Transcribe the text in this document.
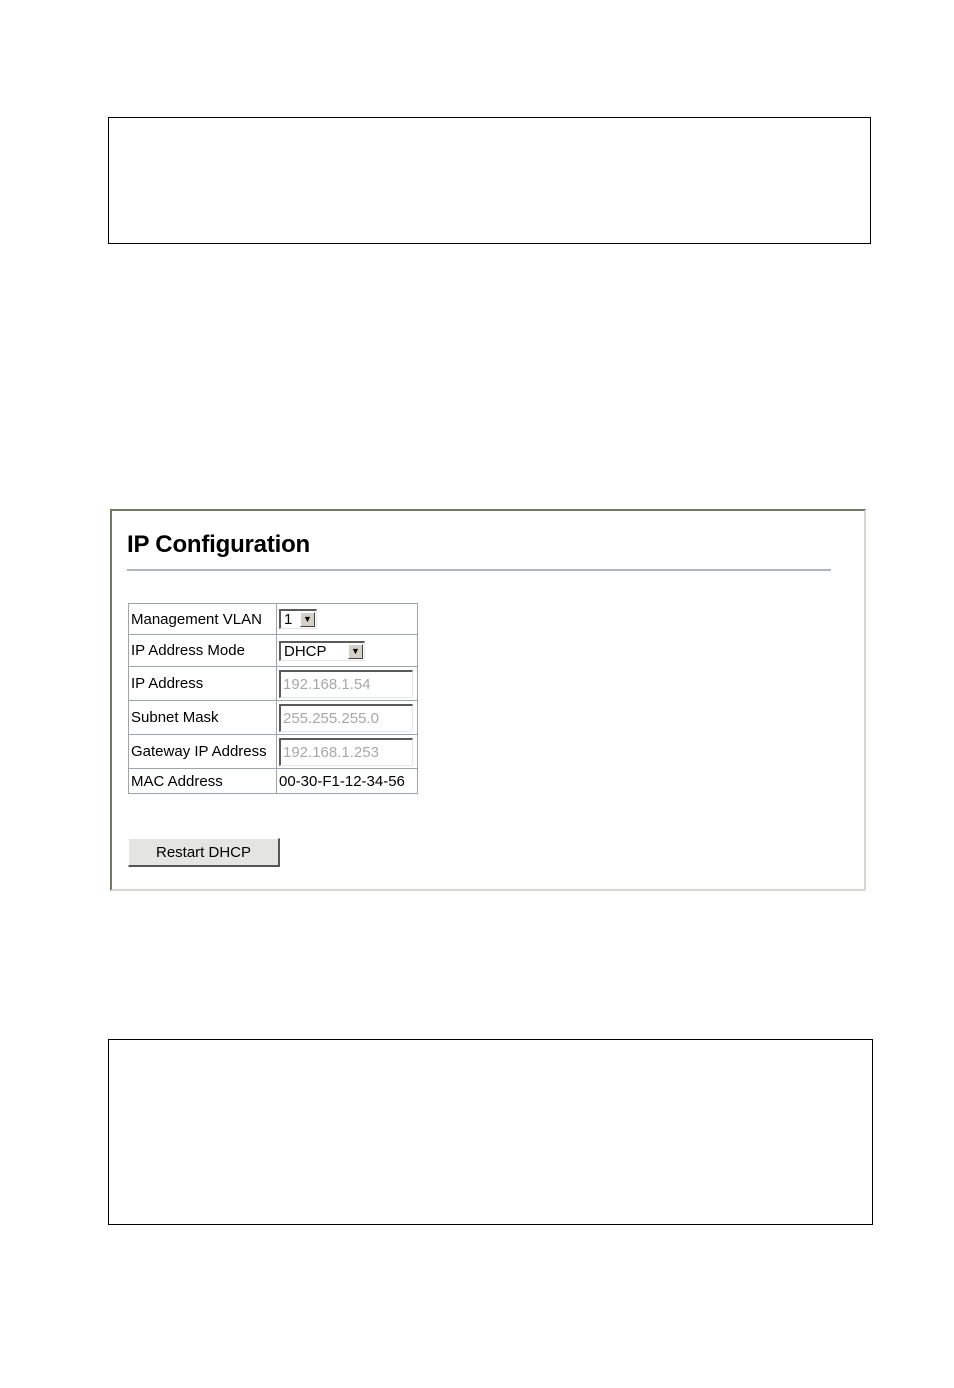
IP Configuration
Management VLAN	1 ▼

IP Address Mode	DHCP ▼

IP Address	192.168.1.54
Subnet Mask	255.255.255.0
Gateway IP Address	192.168.1.253
MAC Address	00-30-F1-12-34-56
Restart DHCP
